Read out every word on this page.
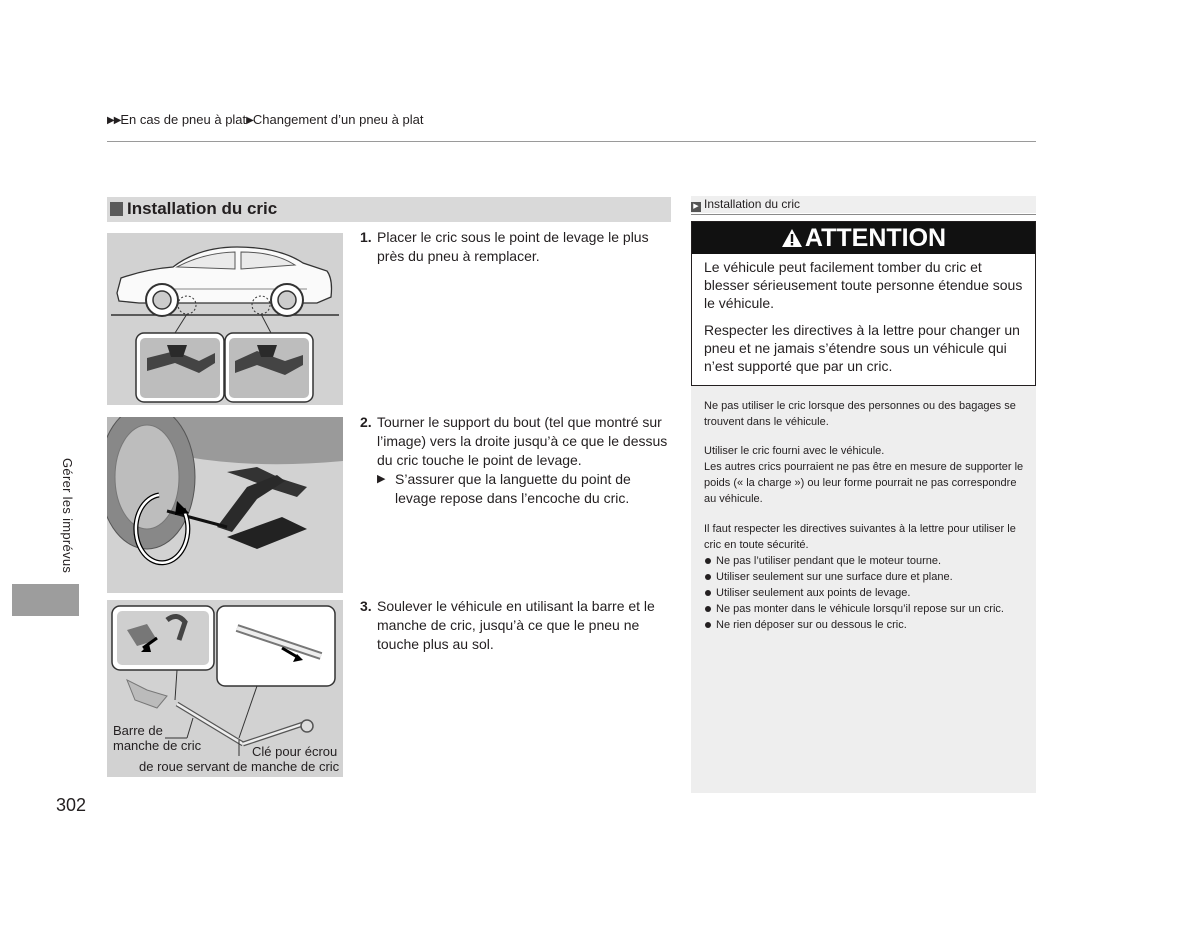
▶▶En cas de pneu à plat▶Changement d’un pneu à plat
Gérer les imprévus
302
Installation du cric
Barre de
manche de cric	Clé pour écrou
de roue servant de manche de cric
1. Placer le cric sous le point de levage le plus près du pneu à remplacer.
2. Tourner le support du bout (tel que montré sur l’image) vers la droite jusqu’à ce que le dessus du cric touche le point de levage.
▶ S’assurer que la languette du point de levage repose dans l’encoche du cric.
3. Soulever le véhicule en utilisant la barre et le manche de cric, jusqu’à ce que le pneu ne touche plus au sol.
▶ Installation du cric
ATTENTION
Le véhicule peut facilement tomber du cric et blesser sérieusement toute personne étendue sous le véhicule.
Respecter les directives à la lettre pour changer un pneu et ne jamais s’étendre sous un véhicule qui n’est supporté que par un cric.
Ne pas utiliser le cric lorsque des personnes ou des bagages se trouvent dans le véhicule.
Utiliser le cric fourni avec le véhicule.
Les autres crics pourraient ne pas être en mesure de supporter le poids (« la charge ») ou leur forme pourrait ne pas correspondre au véhicule.
Il faut respecter les directives suivantes à la lettre pour utiliser le cric en toute sécurité.
Ne pas l’utiliser pendant que le moteur tourne.
Utiliser seulement sur une surface dure et plane.
Utiliser seulement aux points de levage.
Ne pas monter dans le véhicule lorsqu’il repose sur un cric.
Ne rien déposer sur ou dessous le cric.
